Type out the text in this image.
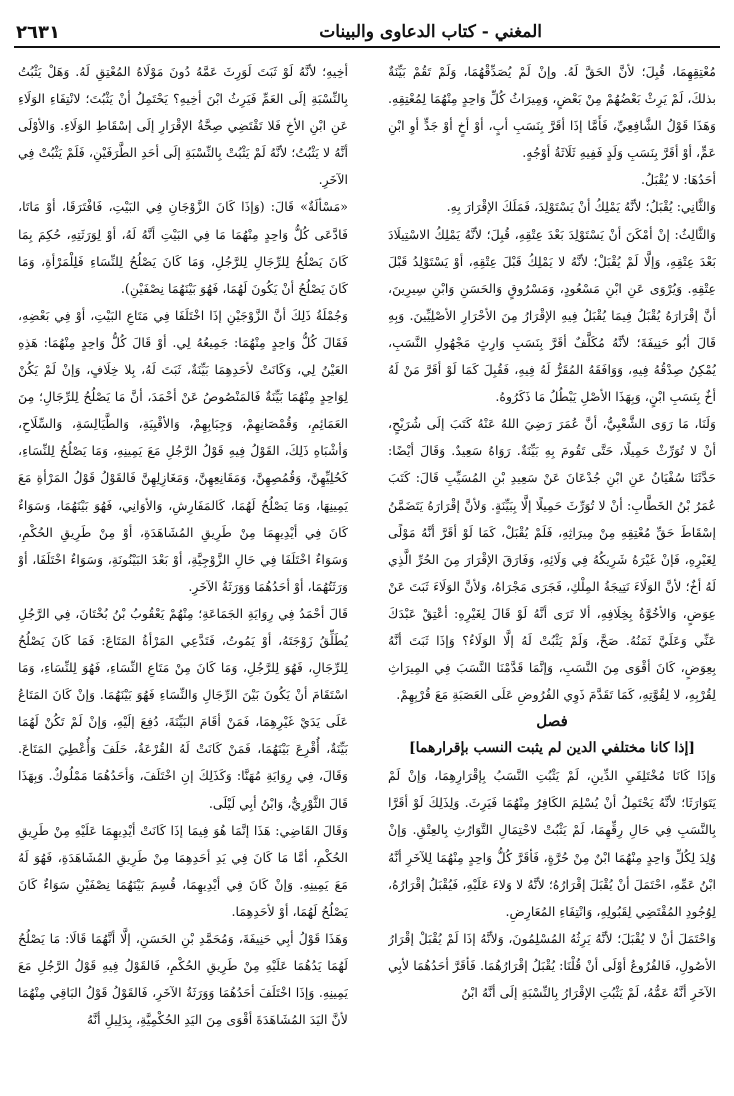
المغني - كتاب الدعاوى والبينات
٢٦٣١

مُعْتِقِهِمَا، قُبِلَ؛ لأنَّ الحَقَّ لَهُ. وإنْ لَمْ يُصَدِّقْهُمَا، وَلَمْ تَقُمْ بَيِّنَةٌ بذلكَ، لَمْ يَرِثْ بَعْضُهُمْ مِنْ بَعْضٍ، وَمِيرَاثُ كُلِّ وَاحِدٍ مِنْهُمَا لِمُعْتِقِهِ. وَهَذَا قَوْلُ الشَّافِعِيِّ، فَأَمَّا إذَا أقَرَّ بِنَسَبِ أبٍ، أوْ أخٍ أوْ جَدٍّ أوِ ابْنِ عَمٍّ، أوْ أقَرَّ بِنَسَبِ وَلَدٍ فَفِيهِ ثَلَاثَةُ أوْجُهٍ.

أحَدُهَا: لا يُقْبَلُ.

وَالثَّانِي: يُقْبَلُ؛ لأنَّهُ يَمْلِكُ أنْ يَسْتَوْلِدَ، فَمَلَكَ الإقْرَارَ بِهِ.

وَالثَّالِثُ: إنْ أمْكَنَ أنْ يَسْتَوْلِدَ بَعْدَ عِتْقِهِ، قُبِلَ؛ لأنَّهُ يَمْلِكُ الاسْتِيلَادَ بَعْدَ عِتْقِهِ، وَإلَّا لَمْ يُقْبَلْ؛ لأنَّهُ لا يَمْلِكُ قَبْلَ عِتْقِهِ، أوْ يَسْتَوْلِدُ قَبْلَ عِتْقِهِ. وَيُرْوَى عَنِ ابْنِ مَسْعُودٍ، وَمَسْرُوقٍ وَالحَسَنِ وَابْنِ سِيرِينَ، أنَّ إقْرَارَهُ يُقْبَلُ فِيمَا يُقْبَلُ فِيهِ الإقْرَارُ مِنَ الأحْرَارِ الأصْلِيِّينَ. وَبِهِ قَالَ أبُو حَنِيفَةَ؛ لأنَّهُ مُكَلَّفٌ أقَرَّ بِنَسَبِ وَارِثٍ مَجْهُولِ النَّسَبِ، يُمْكِنُ صِدْقُهُ فِيهِ، وَوَافَقَهُ المُقَرُّ لَهُ فِيهِ، فَقُبِلَ كَمَا لَوْ أقَرَّ مَنْ لَهُ أخٌ بِنَسَبِ ابْنٍ، وَبِهَذَا الأصْلِ يَبْطُلُ مَا ذَكَرُوهُ.

وَلَنَا، مَا رَوَى الشَّعْبِيُّ، أنَّ عُمَرَ رَضِيَ اللهُ عَنْهُ كَتَبَ إلَى شُرَيْحٍ، أنْ لا تُوَرِّثْ حَمِيلًا، حَتَّى تَقُومَ بِهِ بَيِّنَةٌ. رَوَاهُ سَعِيدٌ. وَقَالَ أيْضًا: حَدَّثَنَا سُفْيَانُ عَنِ ابْنِ جُدْعَانَ عَنْ سَعِيدِ بْنِ المُسَيِّبِ قَالَ: كَتَبَ عُمَرُ بْنُ الخَطَّابِ: أنْ لا تُوَرِّثَ حَمِيلًا إلَّا بِبَيِّنَةٍ. وَلأنَّ إقْرَارَهُ يَتَضَمَّنُ إسْقَاطَ حَقِّ مُعْتِقِهِ مِنْ مِيرَاثِهِ، فَلَمْ يُقْبَلْ، كَمَا لَوْ أقَرَّ أنَّهُ مَوْلًى لِغَيْرِهِ، فَإنْ غَيْرَهُ شَرِيكُهُ فِي وَلَائِهِ، وَفَارَقَ الإقْرَارَ مِنَ الحُرِّ الَّذِي لَهُ أخٌ؛ لأنَّ الوَلَاءَ نَتِيجَةُ المِلْكِ، فَجَرَى مَجْرَاهُ، وَلأنَّ الوَلَاءَ ثَبَتَ عَنْ عِوَضٍ، وَالأخُوَّةُ بِخِلَافِهِ، ألا تَرَى أنَّهُ لَوْ قَالَ لِغَيْرِهِ: أعْتِقْ عَبْدَكَ عَنِّي وَعَلَيَّ ثَمَنُهُ. صَحَّ، وَلَمْ يَثْبُتْ لَهُ إلَّا الوَلَاءُ؟ وَإذَا ثَبَتَ أنَّهُ بِعِوَضٍ، كَانَ أقْوَى مِنَ النَّسَبِ، وَإنَّمَا قَدَّمْنَا النَّسَبَ فِي المِيرَاثِ لِقُرْبِهِ، لا لِقُوَّتِهِ، كَمَا تَقَدَّمَ ذَوِي الفُرُوضِ عَلَى العَصَبَةِ مَعَ قُرْبِهِمْ.

فصل

[إذا كانا مختلفي الدين لم يثبت النسب بإقرارهما]

وَإذَا كَانَا مُخْتَلِفَيِ الدِّينِ، لَمْ يَثْبُتِ النَّسَبُ بِإقْرَارِهِمَا، وَإنْ لَمْ يَتَوَارَثَا؛ لأنَّهُ يَحْتَمِلُ أنْ يُسْلِمَ الكَافِرُ مِنْهُمَا فَيَرِثَ. وَلِذَلِكَ لَوْ أقَرَّا بِالنَّسَبِ فِي حَالِ رِقِّهِمَا، لَمْ يَثْبُتْ لاحْتِمَالِ التَّوَارُثِ بِالعِتْقِ. وَإنْ وُلِدَ لِكُلِّ وَاحِدٍ مِنْهُمَا ابْنٌ مِنْ حُرَّةٍ، فَأقَرَّ كُلُّ وَاحِدٍ مِنْهُمَا لِلآخَرِ أنَّهُ ابْنُ عَمِّهِ، احْتَمَلَ أنْ يُقْبَلَ إقْرَارُهُ؛ لأنَّهُ لا وَلاءَ عَلَيْهِ، فَيُقْبَلُ إقْرَارُهُ، لِوُجُودِ المُقْتَضِي لِقَبُولِهِ، وَانْتِفَاءِ المُعَارِضِ.

وَاحْتَمَلَ أنْ لا يُقْبَلَ؛ لأنَّهُ يَرِثُهُ المُسْلِمُونَ، وَلأنَّهُ إذَا لَمْ يُقْبَلْ إقْرَارُ الأصُولِ، فَالفُرُوعُ أوْلَى أنْ قُلْنَا: يُقْبَلُ إقْرَارُهُمَا. فَأقَرَّ أحَدُهُمَا لأبِي الآخَرِ أنَّهُ عَمُّهُ، لَمْ يَثْبُتِ الإقْرَارُ بِالنِّسْبَةِ إلَى أنَّهُ ابْنُ

أخِيهِ؛ لأنَّهُ لَوْ ثَبَتَ لَوَرِثَ عَمَّهُ دُونَ مَوْلَاهُ المُعْتِقِ لَهُ. وَهَلْ يَثْبُتُ بِالنِّسْبَةِ إلَى العَمِّ فَيَرِثُ ابْنَ أخِيهِ؟ يَحْتَمِلُ أنْ يَثْبُتَ؛ لانْتِفَاءِ الوَلَاءِ عَنِ ابْنِ الأخِ فَلا تَقْتَضِي صِحَّةُ الإقْرَارِ إلَى إسْقَاطِ الوَلَاءِ. وَالأوْلَى أنَّهُ لا يَثْبُتُ؛ لأنَّهُ لَمْ يَثْبُتْ بِالنِّسْبَةِ إلَى أحَدِ الطَّرَفَيْنِ، فَلَمْ يَثْبُتْ فِي الآخَرِ.

«مَسْألَةٌ» قَالَ: (وَإذَا كَانَ الزَّوْجَانِ فِي البَيْتِ، فَافْتَرَقَا، أوْ مَاتَا، فَادَّعَى كُلُّ وَاحِدٍ مِنْهُمَا مَا فِي البَيْتِ أنَّهُ لَهُ، أوْ لِوَرَثَتِهِ، حُكِمَ بِمَا كَانَ يَصْلُحُ لِلرِّجَالِ لِلرَّجُلِ، وَمَا كَانَ يَصْلُحُ لِلنِّسَاءِ فَلِلْمَرْأةِ، وَمَا كَانَ يَصْلُحُ أنْ يَكُونَ لَهُمَا، فَهُوَ بَيْنَهُمَا نِصْفَيْنِ).

وَجُمْلَةُ ذَلِكَ أنَّ الزَّوْجَيْنِ إذَا اخْتَلَفَا فِي مَتَاعِ البَيْتِ، أوْ فِي بَعْضِهِ، فَقَالَ كُلُّ وَاحِدٍ مِنْهُمَا: جَمِيعُهُ لِي. أوْ قَالَ كُلُّ وَاحِدٍ مِنْهُمَا: هَذِهِ العَيْنُ لِي، وَكَانَتْ لأحَدِهِمَا بَيِّنَةٌ، ثَبَتَ لَهُ، بِلا خِلَافٍ، وَإنْ لَمْ يَكُنْ لِوَاحِدٍ مِنْهُمَا بَيِّنَةٌ فَالمَنْصُوصُ عَنْ أحْمَدَ، أنَّ مَا يَصْلُحُ لِلرِّجَالِ؛ مِنَ العَمَائِمِ، وَقُمْصَانِهِمْ، وَجِبَابِهِمْ، وَالأقْبِيَةِ، وَالطَّيَالِسَةِ، وَالسِّلَاحِ، وَأشْبَاهِ ذَلِكَ، القَوْلُ فِيهِ قَوْلُ الرَّجُلِ مَعَ يَمِينِهِ، وَمَا يَصْلُحُ لِلنِّسَاءِ، كَحُلِيِّهِنَّ، وَقُمُصِهِنَّ، وَمَقَانِعِهِنَّ، وَمَغَازِلِهِنَّ فَالقَوْلُ قَوْلُ المَرْأةِ مَعَ يَمِينِهَا، وَمَا يَصْلُحُ لَهُمَا، كَالمَفَارِشِ، وَالأوَانِي، فَهُوَ بَيْنَهُمَا، وَسَوَاءٌ كَانَ فِي أيْدِيهِمَا مِنْ طَرِيقِ المُشَاهَدَةِ، أوْ مِنْ طَرِيقِ الحُكْمِ، وَسَوَاءٌ اخْتَلَفَا فِي حَالِ الزَّوْجِيَّةِ، أوْ بَعْدَ البَيْنُونَةِ، وَسَوَاءٌ اخْتَلَفَا، أوْ وَرَثَتُهُمَا، أوْ أحَدُهُمَا وَوَرَثَةُ الآخَرِ.

قَالَ أحْمَدُ فِي رِوَايَةِ الجَمَاعَةِ؛ مِنْهُمْ يَعْقُوبُ بْنُ بُخْتَانَ، فِي الرَّجُلِ يُطَلِّقُ زَوْجَتَهُ، أوْ يَمُوتُ، فَتَدَّعِي المَرْأةُ المَتَاعَ: فَمَا كَانَ يَصْلُحُ لِلرِّجَالِ، فَهُوَ لِلرَّجُلِ، وَمَا كَانَ مِنْ مَتَاعِ النِّسَاءِ، فَهُوَ لِلنِّسَاءِ، وَمَا اسْتَقَامَ أنْ يَكُونَ بَيْنَ الرِّجَالِ وَالنِّسَاءِ فَهُوَ بَيْنَهُمَا. وَإنْ كَانَ المَتَاعُ عَلَى يَدَيْ غَيْرِهِمَا، فَمَنْ أقَامَ البَيِّنَةَ، دُفِعَ إلَيْهِ، وَإنْ لَمْ تَكُنْ لَهُمَا بَيِّنَةٌ، أُقْرِعَ بَيْنَهُمَا، فَمَنْ كَانَتْ لَهُ القُرْعَةُ، حَلَفَ وَأُعْطِيَ المَتَاعَ. وَقَالَ، فِي رِوَايَةِ مُهَنَّا: وَكَذَلِكَ إنِ اخْتَلَفَ، وَأحَدُهُمَا مَمْلُوكٌ. وَبِهَذَا قَالَ الثَّوْرِيُّ، وَابْنُ أبِي لَيْلَى.

وَقَالَ القَاضِي: هَذَا إنَّمَا هُوَ فِيمَا إذَا كَانَتْ أيْدِيهِمَا عَلَيْهِ مِنْ طَرِيقِ الحُكْمِ، أمَّا مَا كَانَ فِي يَدِ أحَدِهِمَا مِنْ طَرِيقِ المُشَاهَدَةِ، فَهُوَ لَهُ مَعَ يَمِينِهِ. وَإنْ كَانَ فِي أيْدِيهِمَا، قُسِمَ بَيْنَهُمَا نِصْفَيْنِ سَوَاءٌ كَانَ يَصْلُحُ لَهُمَا، أوْ لأحَدِهِمَا.

وَهَذَا قَوْلُ أبِي حَنِيفَةَ، وَمُحَمَّدِ بْنِ الحَسَنِ، إلَّا أنَّهُمَا قَالَا: مَا يَصْلُحُ لَهُمَا يَدُهُمَا عَلَيْهِ مِنْ طَرِيقِ الحُكْمِ، فَالقَوْلُ فِيهِ قَوْلُ الرَّجُلِ مَعَ يَمِينِهِ. وَإذَا اخْتَلَفَ أحَدُهُمَا وَوَرَثَةُ الآخَرِ، فَالقَوْلُ قَوْلُ البَاقِي مِنْهُمَا لأنَّ اليَدَ المُشَاهَدَةَ أقْوَى مِنَ اليَدِ الحُكْمِيَّةِ، بِدَلِيلِ أنَّهُ
